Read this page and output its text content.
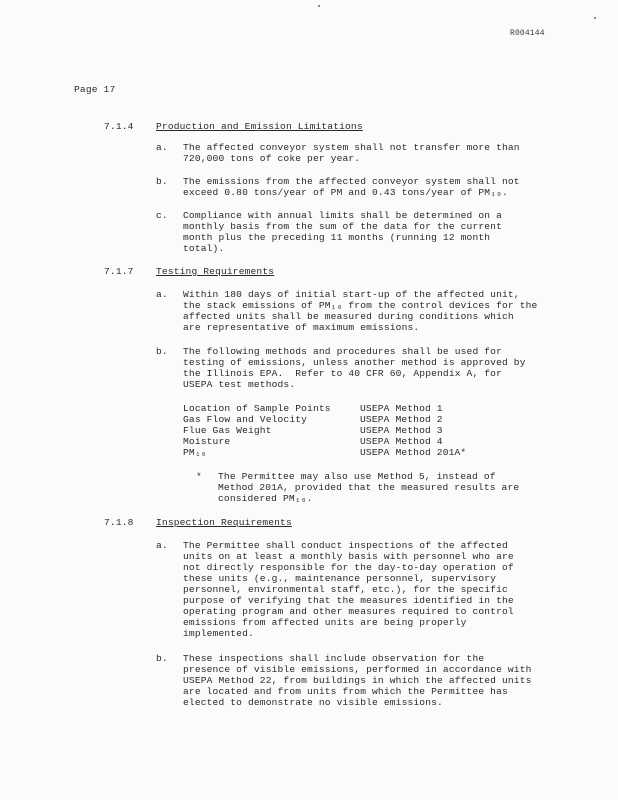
R004144
Page 17
7.1.4 Production and Emission Limitations
a. The affected conveyor system shall not transfer more than
720,000 tons of coke per year.
b. The emissions from the affected conveyor system shall not
exceed 0.80 tons/year of PM and 0.43 tons/year of PM₁₀.
c. Compliance with annual limits shall be determined on a
monthly basis from the sum of the data for the current
month plus the preceding 11 months (running 12 month
total).
7.1.7 Testing Requirements
a. Within 180 days of initial start-up of the affected unit,
the stack emissions of PM₁₀ from the control devices for the
affected units shall be measured during conditions which
are representative of maximum emissions.
b. The following methods and procedures shall be used for
testing of emissions, unless another method is approved by
the Illinois EPA.  Refer to 40 CFR 60, Appendix A, for
USEPA test methods.
Location of Sample Points	USEPA Method 1
Gas Flow and Velocity	USEPA Method 2
Flue Gas Weight	USEPA Method 3
Moisture	USEPA Method 4
PM₁₀	USEPA Method 201A*
* The Permittee may also use Method 5, instead of
Method 201A, provided that the measured results are
considered PM₁₀.
7.1.8 Inspection Requirements
a. The Permittee shall conduct inspections of the affected
units on at least a monthly basis with personnel who are
not directly responsible for the day-to-day operation of
these units (e.g., maintenance personnel, supervisory
personnel, environmental staff, etc.), for the specific
purpose of verifying that the measures identified in the
operating program and other measures required to control
emissions from affected units are being properly
implemented.
b. These inspections shall include observation for the
presence of visible emissions, performed in accordance with
USEPA Method 22, from buildings in which the affected units
are located and from units from which the Permittee has
elected to demonstrate no visible emissions.
